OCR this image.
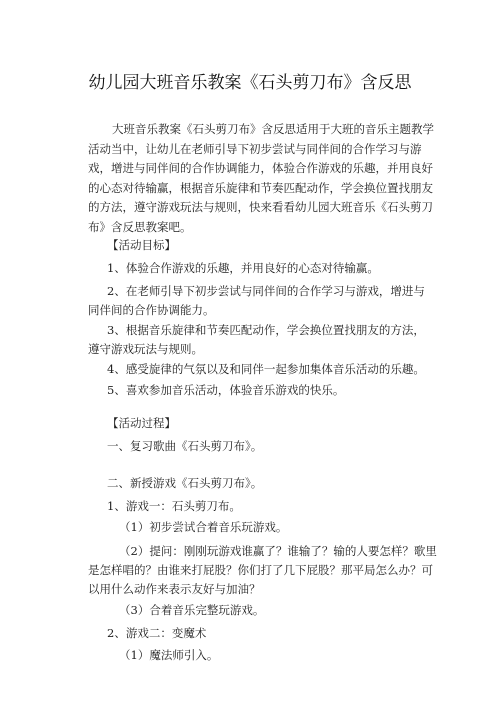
幼儿园大班音乐教案《石头剪刀布》含反思

大班音乐教案《石头剪刀布》含反思适用于大班的音乐主题教学活动当中，让幼儿在老师引导下初步尝试与同伴间的合作学习与游戏，增进与同伴间的合作协调能力，体验合作游戏的乐趣，并用良好的心态对待输赢，根据音乐旋律和节奏匹配动作，学会换位置找朋友的方法，遵守游戏玩法与规则，快来看看幼儿园大班音乐《石头剪刀布》含反思教案吧。

【活动目标】
1、体验合作游戏的乐趣，并用良好的心态对待输赢。
2、在老师引导下初步尝试与同伴间的合作学习与游戏，增进与同伴间的合作协调能力。
3、根据音乐旋律和节奏匹配动作，学会换位置找朋友的方法，遵守游戏玩法与规则。
4、感受旋律的气氛以及和同伴一起参加集体音乐活动的乐趣。
5、喜欢参加音乐活动，体验音乐游戏的快乐。
【活动过程】
一、复习歌曲《石头剪刀布》。
二、新授游戏《石头剪刀布》。
1、游戏一：石头剪刀布。
（1）初步尝试合着音乐玩游戏。
（2）提问：刚刚玩游戏谁赢了？谁输了？输的人要怎样？歌里是怎样唱的？由谁来打屁股？你们打了几下屁股？那平局怎么办？可以用什么动作来表示友好与加油？
（3）合着音乐完整玩游戏。
2、游戏二：变魔术
（1）魔法师引入。
